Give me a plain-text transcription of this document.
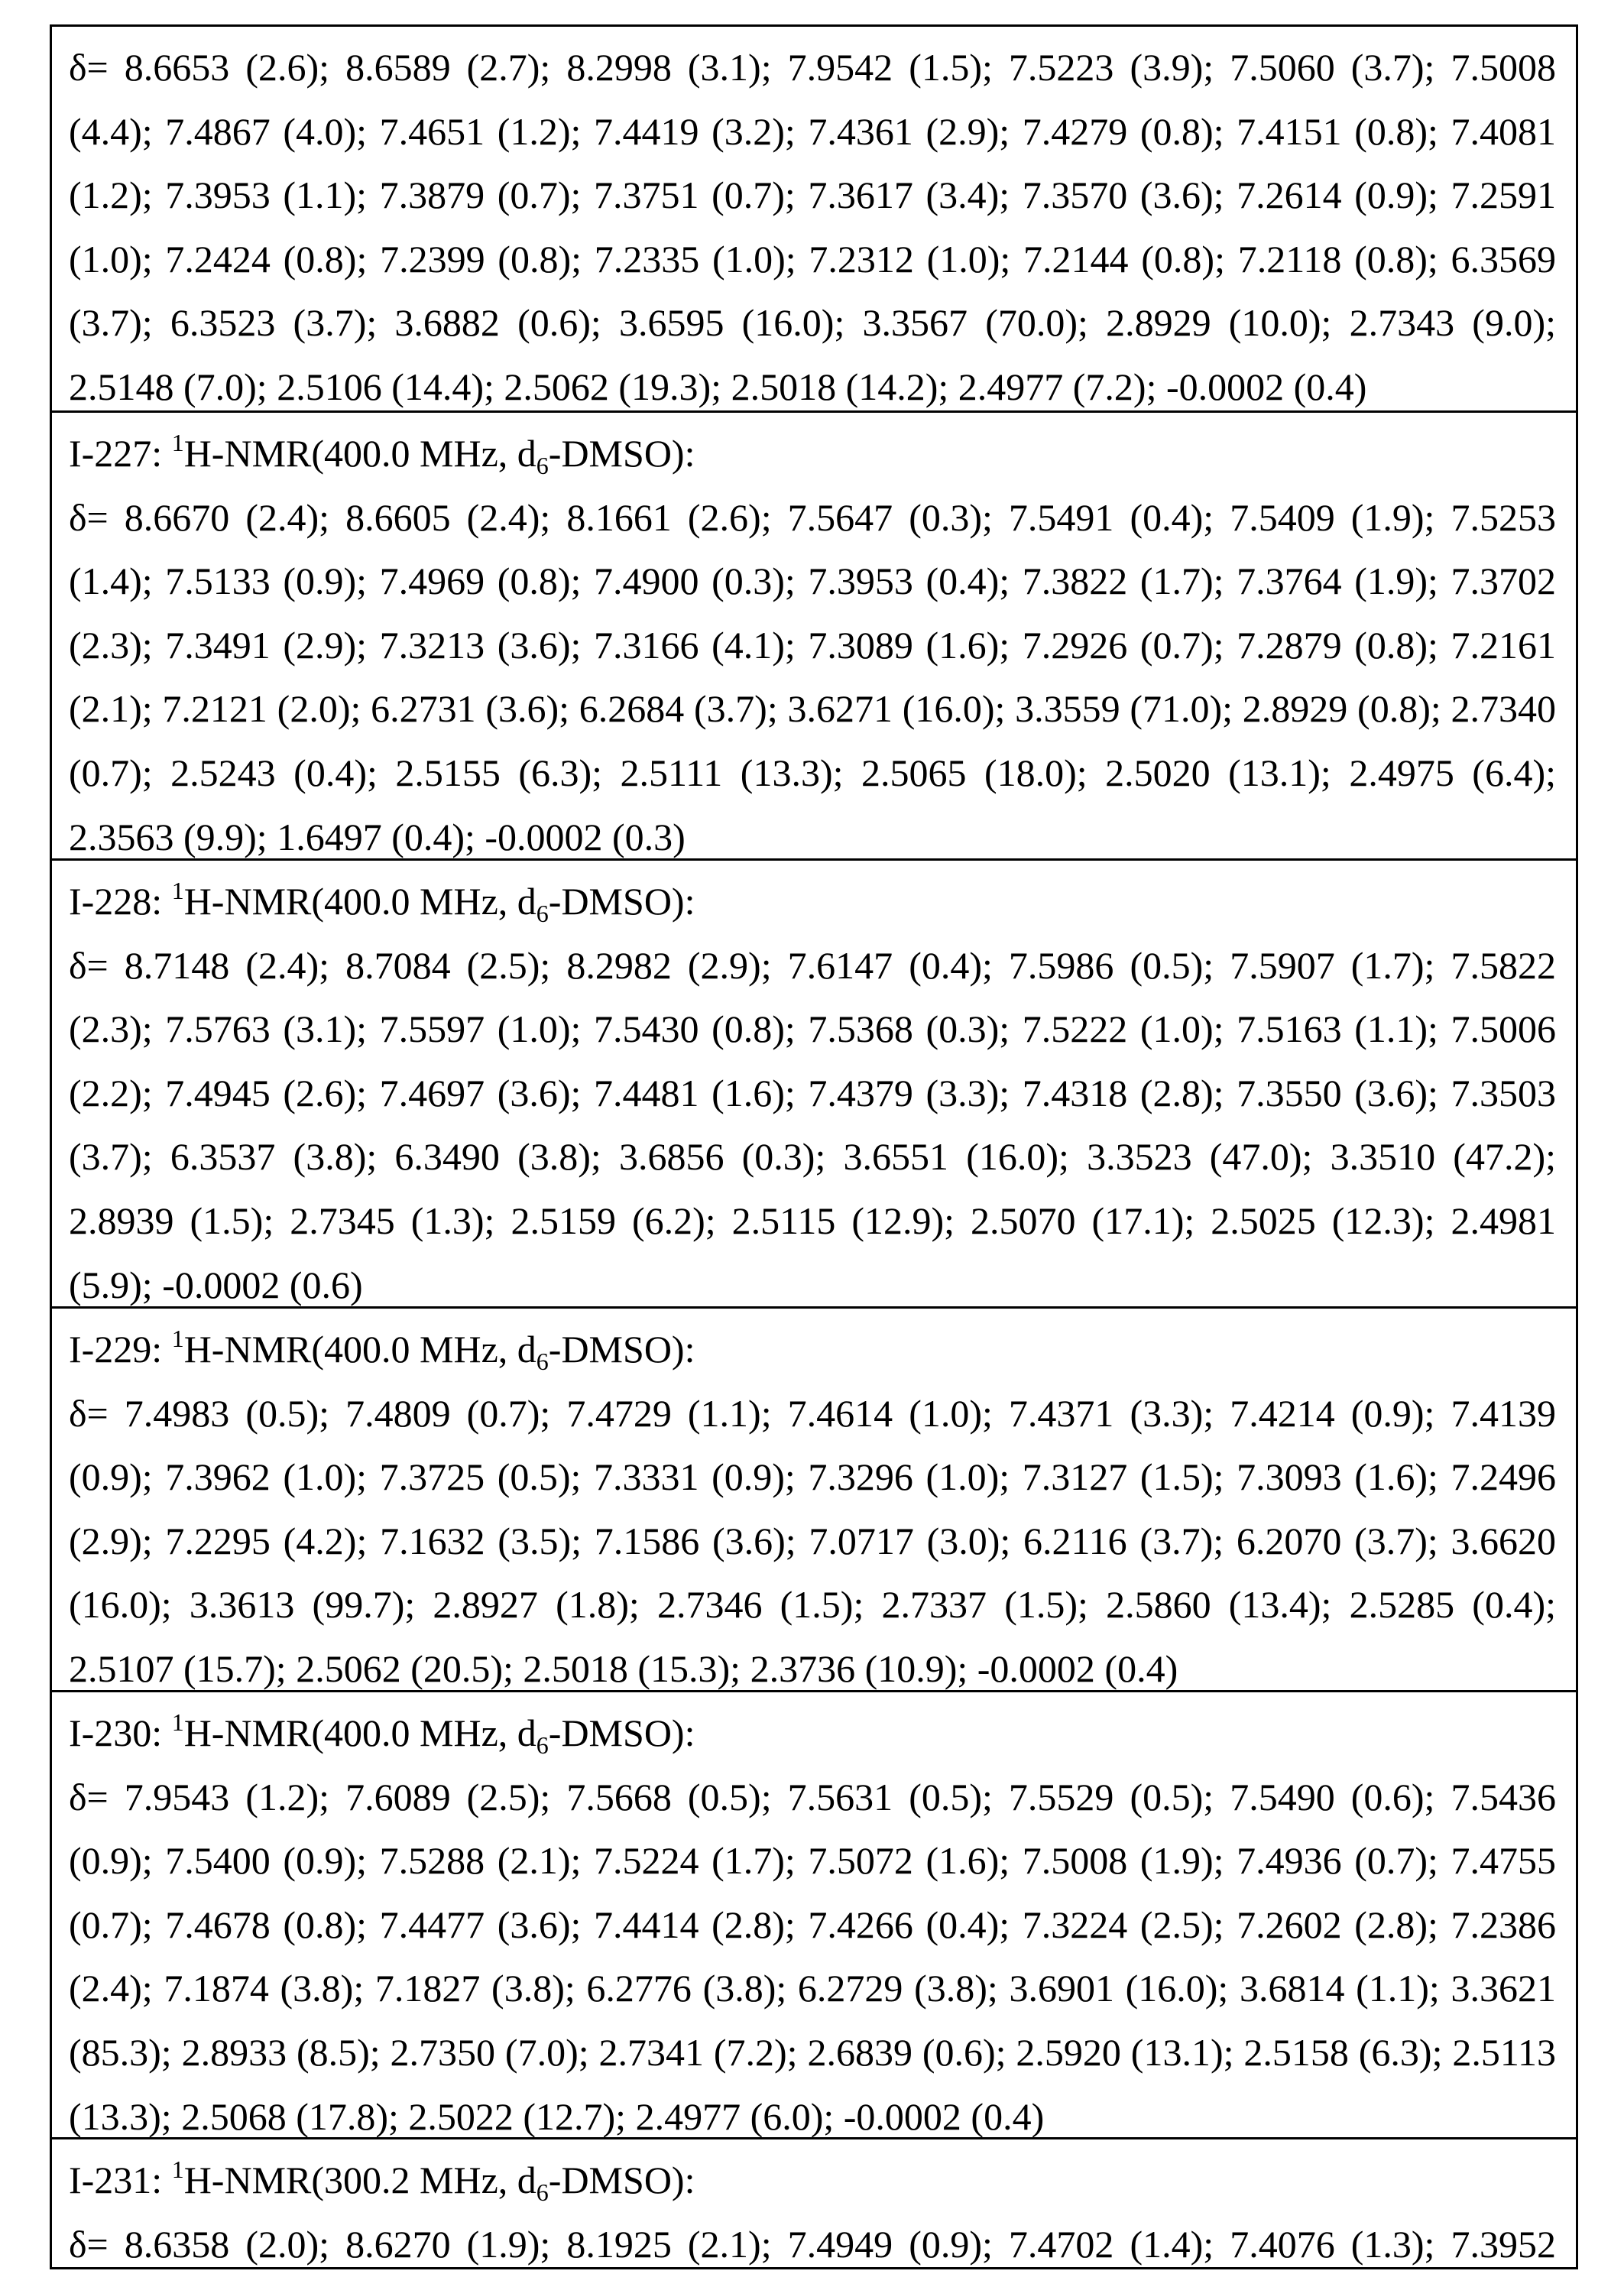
δ= 8.6653 (2.6); 8.6589 (2.7); 8.2998 (3.1); 7.9542 (1.5); 7.5223 (3.9); 7.5060 (3.7); 7.5008 (4.4); 7.4867 (4.0); 7.4651 (1.2); 7.4419 (3.2); 7.4361 (2.9); 7.4279 (0.8); 7.4151 (0.8); 7.4081 (1.2); 7.3953 (1.1); 7.3879 (0.7); 7.3751 (0.7); 7.3617 (3.4); 7.3570 (3.6); 7.2614 (0.9); 7.2591 (1.0); 7.2424 (0.8); 7.2399 (0.8); 7.2335 (1.0); 7.2312 (1.0); 7.2144 (0.8); 7.2118 (0.8); 6.3569 (3.7); 6.3523 (3.7); 3.6882 (0.6); 3.6595 (16.0); 3.3567 (70.0); 2.8929 (10.0); 2.7343 (9.0); 2.5148 (7.0); 2.5106 (14.4); 2.5062 (19.3); 2.5018 (14.2); 2.4977 (7.2); -0.0002 (0.4)
I-227: $^1$H-NMR(400.0 MHz, $d_6-DMSO$):
δ= 8.6670 (2.4); 8.6605 (2.4); 8.1661 (2.6); 7.5647 (0.3); 7.5491 (0.4); 7.5409 (1.9); 7.5253 (1.4); 7.5133 (0.9); 7.4969 (0.8); 7.4900 (0.3); 7.3953 (0.4); 7.3822 (1.7); 7.3764 (1.9); 7.3702 (2.3); 7.3491 (2.9); 7.3213 (3.6); 7.3166 (4.1); 7.3089 (1.6); 7.2926 (0.7); 7.2879 (0.8); 7.2161 (2.1); 7.2121 (2.0); 6.2731 (3.6); 6.2684 (3.7); 3.6271 (16.0); 3.3559 (71.0); 2.8929 (0.8); 2.7340 (0.7); 2.5243 (0.4); 2.5155 (6.3); 2.5111 (13.3); 2.5065 (18.0); 2.5020 (13.1); 2.4975 (6.4); 2.3563 (9.9); 1.6497 (0.4); -0.0002 (0.3)
I-228: $^1$H-NMR(400.0 MHz, $d_6-DMSO$):
δ= 8.7148 (2.4); 8.7084 (2.5); 8.2982 (2.9); 7.6147 (0.4); 7.5986 (0.5); 7.5907 (1.7); 7.5822 (2.3); 7.5763 (3.1); 7.5597 (1.0); 7.5430 (0.8); 7.5368 (0.3); 7.5222 (1.0); 7.5163 (1.1); 7.5006 (2.2); 7.4945 (2.6); 7.4697 (3.6); 7.4481 (1.6); 7.4379 (3.3); 7.4318 (2.8); 7.3550 (3.6); 7.3503 (3.7); 6.3537 (3.8); 6.3490 (3.8); 3.6856 (0.3); 3.6551 (16.0); 3.3523 (47.0); 3.3510 (47.2); 2.8939 (1.5); 2.7345 (1.3); 2.5159 (6.2); 2.5115 (12.9); 2.5070 (17.1); 2.5025 (12.3); 2.4981 (5.9); -0.0002 (0.6)
I-229: $^1$H-NMR(400.0 MHz, $d_6-DMSO$):
δ= 7.4983 (0.5); 7.4809 (0.7); 7.4729 (1.1); 7.4614 (1.0); 7.4371 (3.3); 7.4214 (0.9); 7.4139 (0.9); 7.3962 (1.0); 7.3725 (0.5); 7.3331 (0.9); 7.3296 (1.0); 7.3127 (1.5); 7.3093 (1.6); 7.2496 (2.9); 7.2295 (4.2); 7.1632 (3.5); 7.1586 (3.6); 7.0717 (3.0); 6.2116 (3.7); 6.2070 (3.7); 3.6620 (16.0); 3.3613 (99.7); 2.8927 (1.8); 2.7346 (1.5); 2.7337 (1.5); 2.5860 (13.4); 2.5285 (0.4); 2.5107 (15.7); 2.5062 (20.5); 2.5018 (15.3); 2.3736 (10.9); -0.0002 (0.4)
I-230: $^1$H-NMR(400.0 MHz, $d_6-DMSO$):
δ= 7.9543 (1.2); 7.6089 (2.5); 7.5668 (0.5); 7.5631 (0.5); 7.5529 (0.5); 7.5490 (0.6); 7.5436 (0.9); 7.5400 (0.9); 7.5288 (2.1); 7.5224 (1.7); 7.5072 (1.6); 7.5008 (1.9); 7.4936 (0.7); 7.4755 (0.7); 7.4678 (0.8); 7.4477 (3.6); 7.4414 (2.8); 7.4266 (0.4); 7.3224 (2.5); 7.2602 (2.8); 7.2386 (2.4); 7.1874 (3.8); 7.1827 (3.8); 6.2776 (3.8); 6.2729 (3.8); 3.6901 (16.0); 3.6814 (1.1); 3.3621 (85.3); 2.8933 (8.5); 2.7350 (7.0); 2.7341 (7.2); 2.6839 (0.6); 2.5920 (13.1); 2.5158 (6.3); 2.5113 (13.3); 2.5068 (17.8); 2.5022 (12.7); 2.4977 (6.0); -0.0002 (0.4)
I-231: $^1$H-NMR(300.2 MHz, $d_6-DMSO$):
δ= 8.6358 (2.0); 8.6270 (1.9); 8.1925 (2.1); 7.4949 (0.9); 7.4702 (1.4); 7.4076 (1.3); 7.3952
